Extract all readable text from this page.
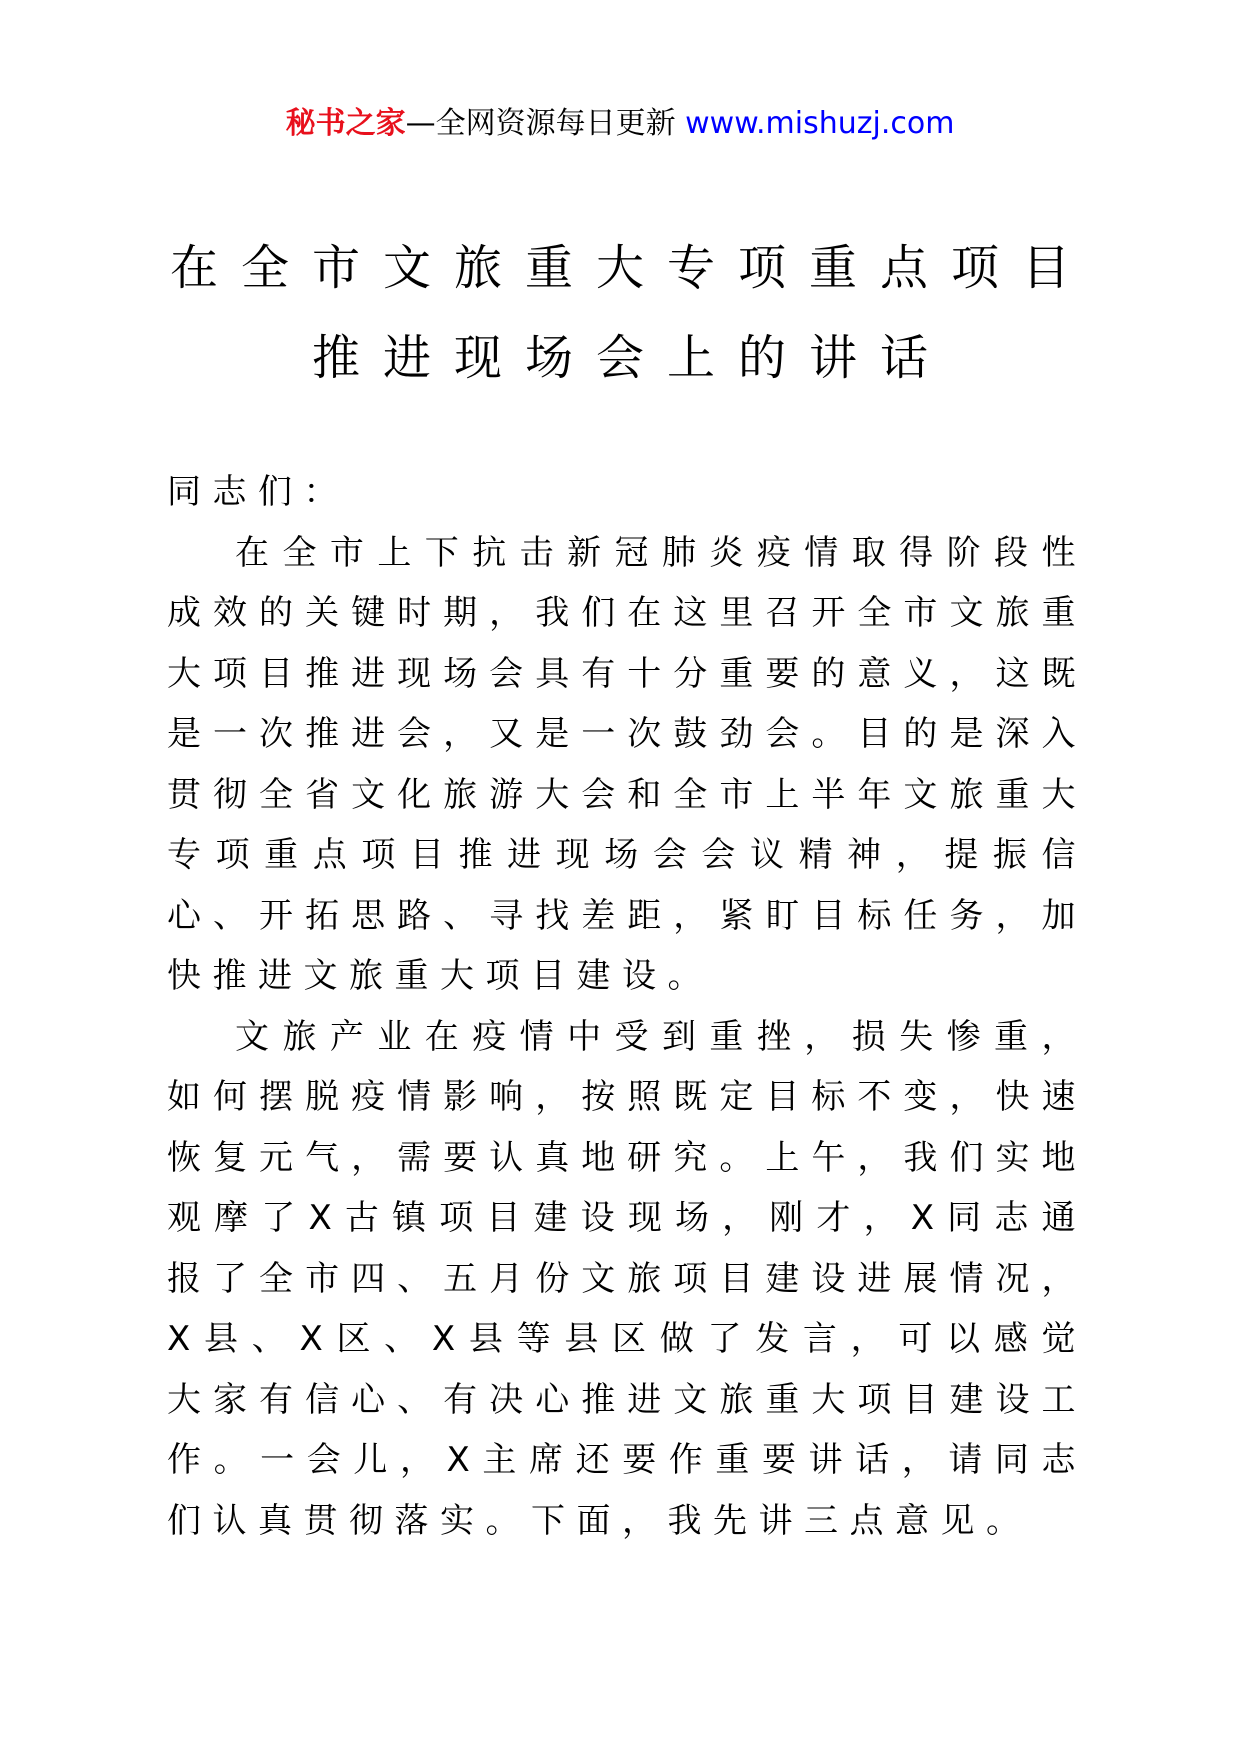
秘书之家—全网资源每日更新 www.mishuzj.com
在全市文旅重大专项重点项目
推进现场会上的讲话

同志们：

在全市上下抗击新冠肺炎疫情取得阶段性成效的关键时期，我们在这里召开全市文旅重大项目推进现场会具有十分重要的意义，这既是一次推进会，又是一次鼓劲会。目的是深入贯彻全省文化旅游大会和全市上半年文旅重大专项重点项目推进现场会会议精神，提振信心、开拓思路、寻找差距，紧盯目标任务，加快推进文旅重大项目建设。

文旅产业在疫情中受到重挫，损失惨重，如何摆脱疫情影响，按照既定目标不变，快速恢复元气，需要认真地研究。上午，我们实地观摩了X古镇项目建设现场，刚才，X同志通报了全市四、五月份文旅项目建设进展情况，X县、X区、X县等县区做了发言，可以感觉大家有信心、有决心推进文旅重大项目建设工作。一会儿，X主席还要作重要讲话，请同志们认真贯彻落实。下面，我先讲三点意见。
